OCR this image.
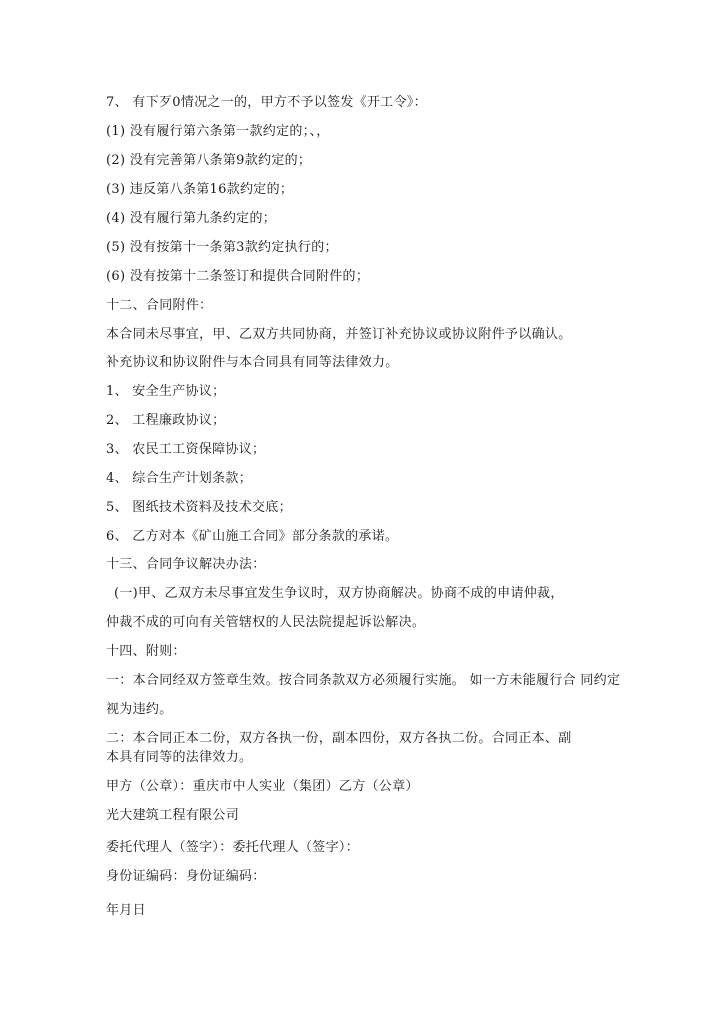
7、 有下歹0情况之一的，甲方不予以签发《开工令》：
(1) 没有履行第六条第一款约定的；、，
(2) 没有完善第八条第9款约定的；
(3) 违反第八条第16款约定的；
(4) 没有履行第九条约定的；
(5) 没有按第十一条第3款约定执行的；
(6) 没有按第十二条签订和提供合同附件的；
十二、合同附件：
本合同未尽事宜，甲、乙双方共同协商，并签订补充协议或协议附件予以确认。
补充协议和协议附件与本合同具有同等法律效力。
1、 安全生产协议；
2、 工程廉政协议；
3、 农民工工资保障协议；
4、 综合生产计划条款；
5、 图纸技术资料及技术交底；
6、 乙方对本《矿山施工合同》部分条款的承诺。
十三、合同争议解决办法：
(一)甲、乙双方未尽事宜发生争议时，双方协商解决。协商不成的申请仲裁，
仲裁不成的可向有关管辖权的人民法院提起诉讼解决。
十四、附则：
一：本合同经双方签章生效。按合同条款双方必须履行实施。 如一方未能履行合 同约定
视为违约。
二：本合同正本二份，双方各执一份，副本四份，双方各执二份。合同正本、副
本具有同等的法律效力。
甲方（公章）：重庆市中人实业（集团）乙方（公章）
光大建筑工程有限公司
委托代理人（签字）：委托代理人（签字）：
身份证编码：身份证编码：
年月日
